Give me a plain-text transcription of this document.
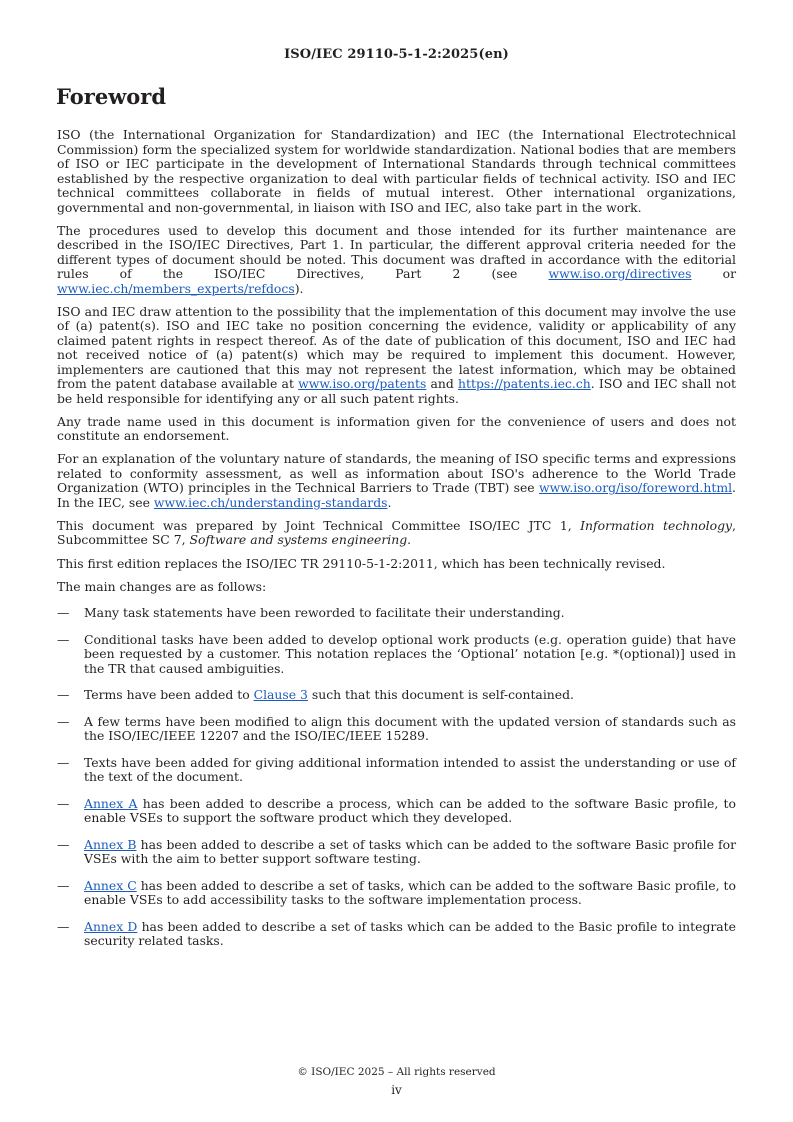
ISO/IEC 29110-5-1-2:2025(en)
Foreword

ISO (the International Organization for Standardization) and IEC (the International Electrotechnical Commission) form the specialized system for worldwide standardization. National bodies that are members of ISO or IEC participate in the development of International Standards through technical committees established by the respective organization to deal with particular fields of technical activity. ISO and IEC technical committees collaborate in fields of mutual interest. Other international organizations, governmental and non-governmental, in liaison with ISO and IEC, also take part in the work.

The procedures used to develop this document and those intended for its further maintenance are described in the ISO/IEC Directives, Part 1. In particular, the different approval criteria needed for the different types of document should be noted. This document was drafted in accordance with the editorial rules of the ISO/IEC Directives, Part 2 (see www.iso.org/directives or www.iec.ch/members_experts/refdocs).

ISO and IEC draw attention to the possibility that the implementation of this document may involve the use of (a) patent(s). ISO and IEC take no position concerning the evidence, validity or applicability of any claimed patent rights in respect thereof. As of the date of publication of this document, ISO and IEC had not received notice of (a) patent(s) which may be required to implement this document. However, implementers are cautioned that this may not represent the latest information, which may be obtained from the patent database available at www.iso.org/patents and https://patents.iec.ch. ISO and IEC shall not be held responsible for identifying any or all such patent rights.

Any trade name used in this document is information given for the convenience of users and does not constitute an endorsement.

For an explanation of the voluntary nature of standards, the meaning of ISO specific terms and expressions related to conformity assessment, as well as information about ISO's adherence to the World Trade Organization (WTO) principles in the Technical Barriers to Trade (TBT) see www.iso.org/iso/foreword.html. In the IEC, see www.iec.ch/understanding-standards.

This document was prepared by Joint Technical Committee ISO/IEC JTC 1, Information technology, Subcommittee SC 7, Software and systems engineering.

This first edition replaces the ISO/IEC TR 29110-5-1-2:2011, which has been technically revised.

The main changes are as follows:

— Many task statements have been reworded to facilitate their understanding.
— Conditional tasks have been added to develop optional work products (e.g. operation guide) that have been requested by a customer. This notation replaces the ‘Optional’ notation [e.g. *(optional)] used in the TR that caused ambiguities.
— Terms have been added to Clause 3 such that this document is self-contained.
— A few terms have been modified to align this document with the updated version of standards such as the ISO/IEC/IEEE 12207 and the ISO/IEC/IEEE 15289.
— Texts have been added for giving additional information intended to assist the understanding or use of the text of the document.
— Annex A has been added to describe a process, which can be added to the software Basic profile, to enable VSEs to support the software product which they developed.
— Annex B has been added to describe a set of tasks which can be added to the software Basic profile for VSEs with the aim to better support software testing.
— Annex C has been added to describe a set of tasks, which can be added to the software Basic profile, to enable VSEs to add accessibility tasks to the software implementation process.
— Annex D has been added to describe a set of tasks which can be added to the Basic profile to integrate security related tasks.
© ISO/IEC 2025 – All rights reserved
iv
